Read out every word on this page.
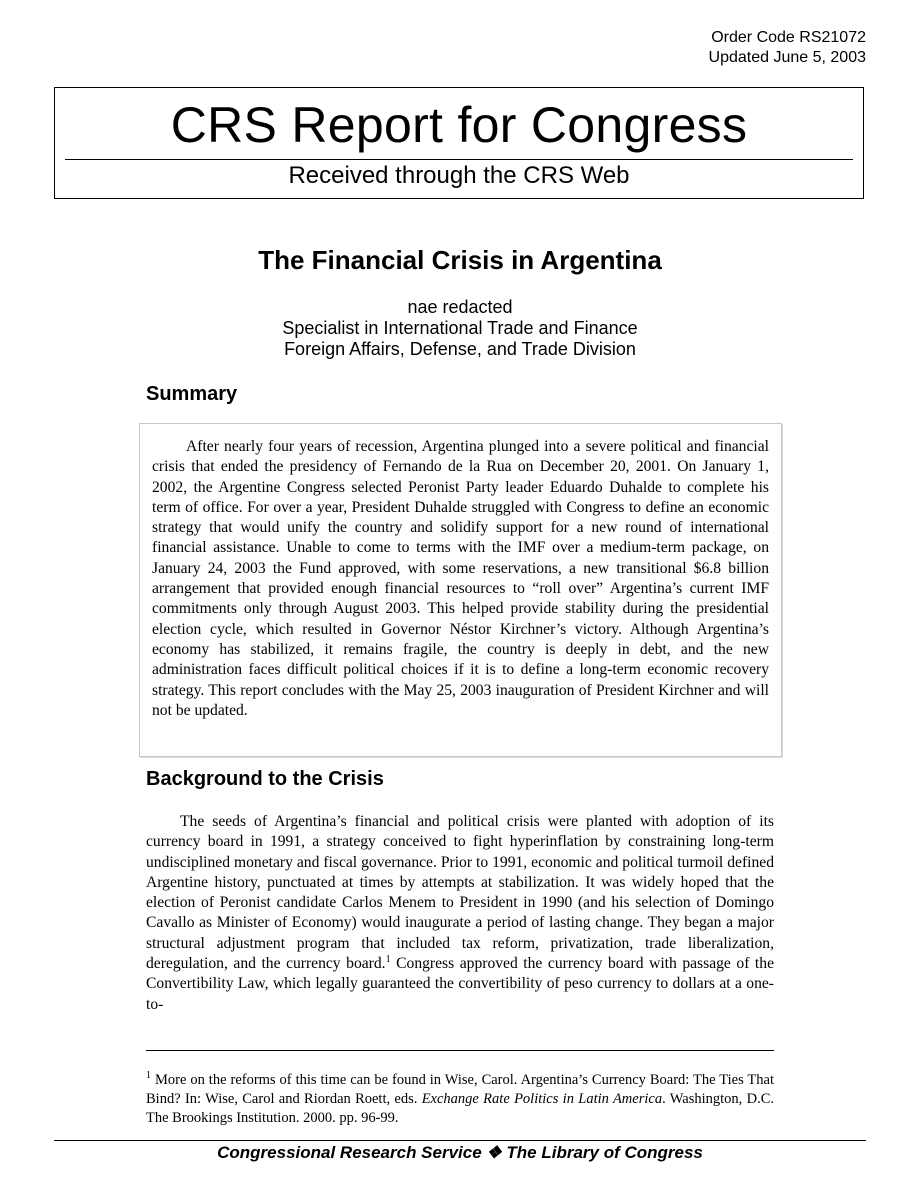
Order Code RS21072
Updated June 5, 2003
CRS Report for Congress
Received through the CRS Web
The Financial Crisis in Argentina
nae redacted
Specialist in International Trade and Finance
Foreign Affairs, Defense, and Trade Division
Summary

After nearly four years of recession, Argentina plunged into a severe political and financial crisis that ended the presidency of Fernando de la Rua on December 20, 2001. On January 1, 2002, the Argentine Congress selected Peronist Party leader Eduardo Duhalde to complete his term of office. For over a year, President Duhalde struggled with Congress to define an economic strategy that would unify the country and solidify support for a new round of international financial assistance. Unable to come to terms with the IMF over a medium-term package, on January 24, 2003 the Fund approved, with some reservations, a new transitional $6.8 billion arrangement that provided enough financial resources to “roll over” Argentina’s current IMF commitments only through August 2003. This helped provide stability during the presidential election cycle, which resulted in Governor Néstor Kirchner’s victory. Although Argentina’s economy has stabilized, it remains fragile, the country is deeply in debt, and the new administration faces difficult political choices if it is to define a long-term economic recovery strategy. This report concludes with the May 25, 2003 inauguration of President Kirchner and will not be updated.

Background to the Crisis

The seeds of Argentina’s financial and political crisis were planted with adoption of its currency board in 1991, a strategy conceived to fight hyperinflation by constraining long-term undisciplined monetary and fiscal governance. Prior to 1991, economic and political turmoil defined Argentine history, punctuated at times by attempts at stabilization. It was widely hoped that the election of Peronist candidate Carlos Menem to President in 1990 (and his selection of Domingo Cavallo as Minister of Economy) would inaugurate a period of lasting change. They began a major structural adjustment program that included tax reform, privatization, trade liberalization, deregulation, and the currency board.$^1$ Congress approved the currency board with passage of the Convertibility Law, which legally guaranteed the convertibility of peso currency to dollars at a one-to-

$^1$ More on the reforms of this time can be found in Wise, Carol. Argentina’s Currency Board: The Ties That Bind? In: Wise, Carol and Riordan Roett, eds. Exchange Rate Politics in Latin America. Washington, D.C. The Brookings Institution. 2000. pp. 96-99.
Congressional Research Service ❖ The Library of Congress
